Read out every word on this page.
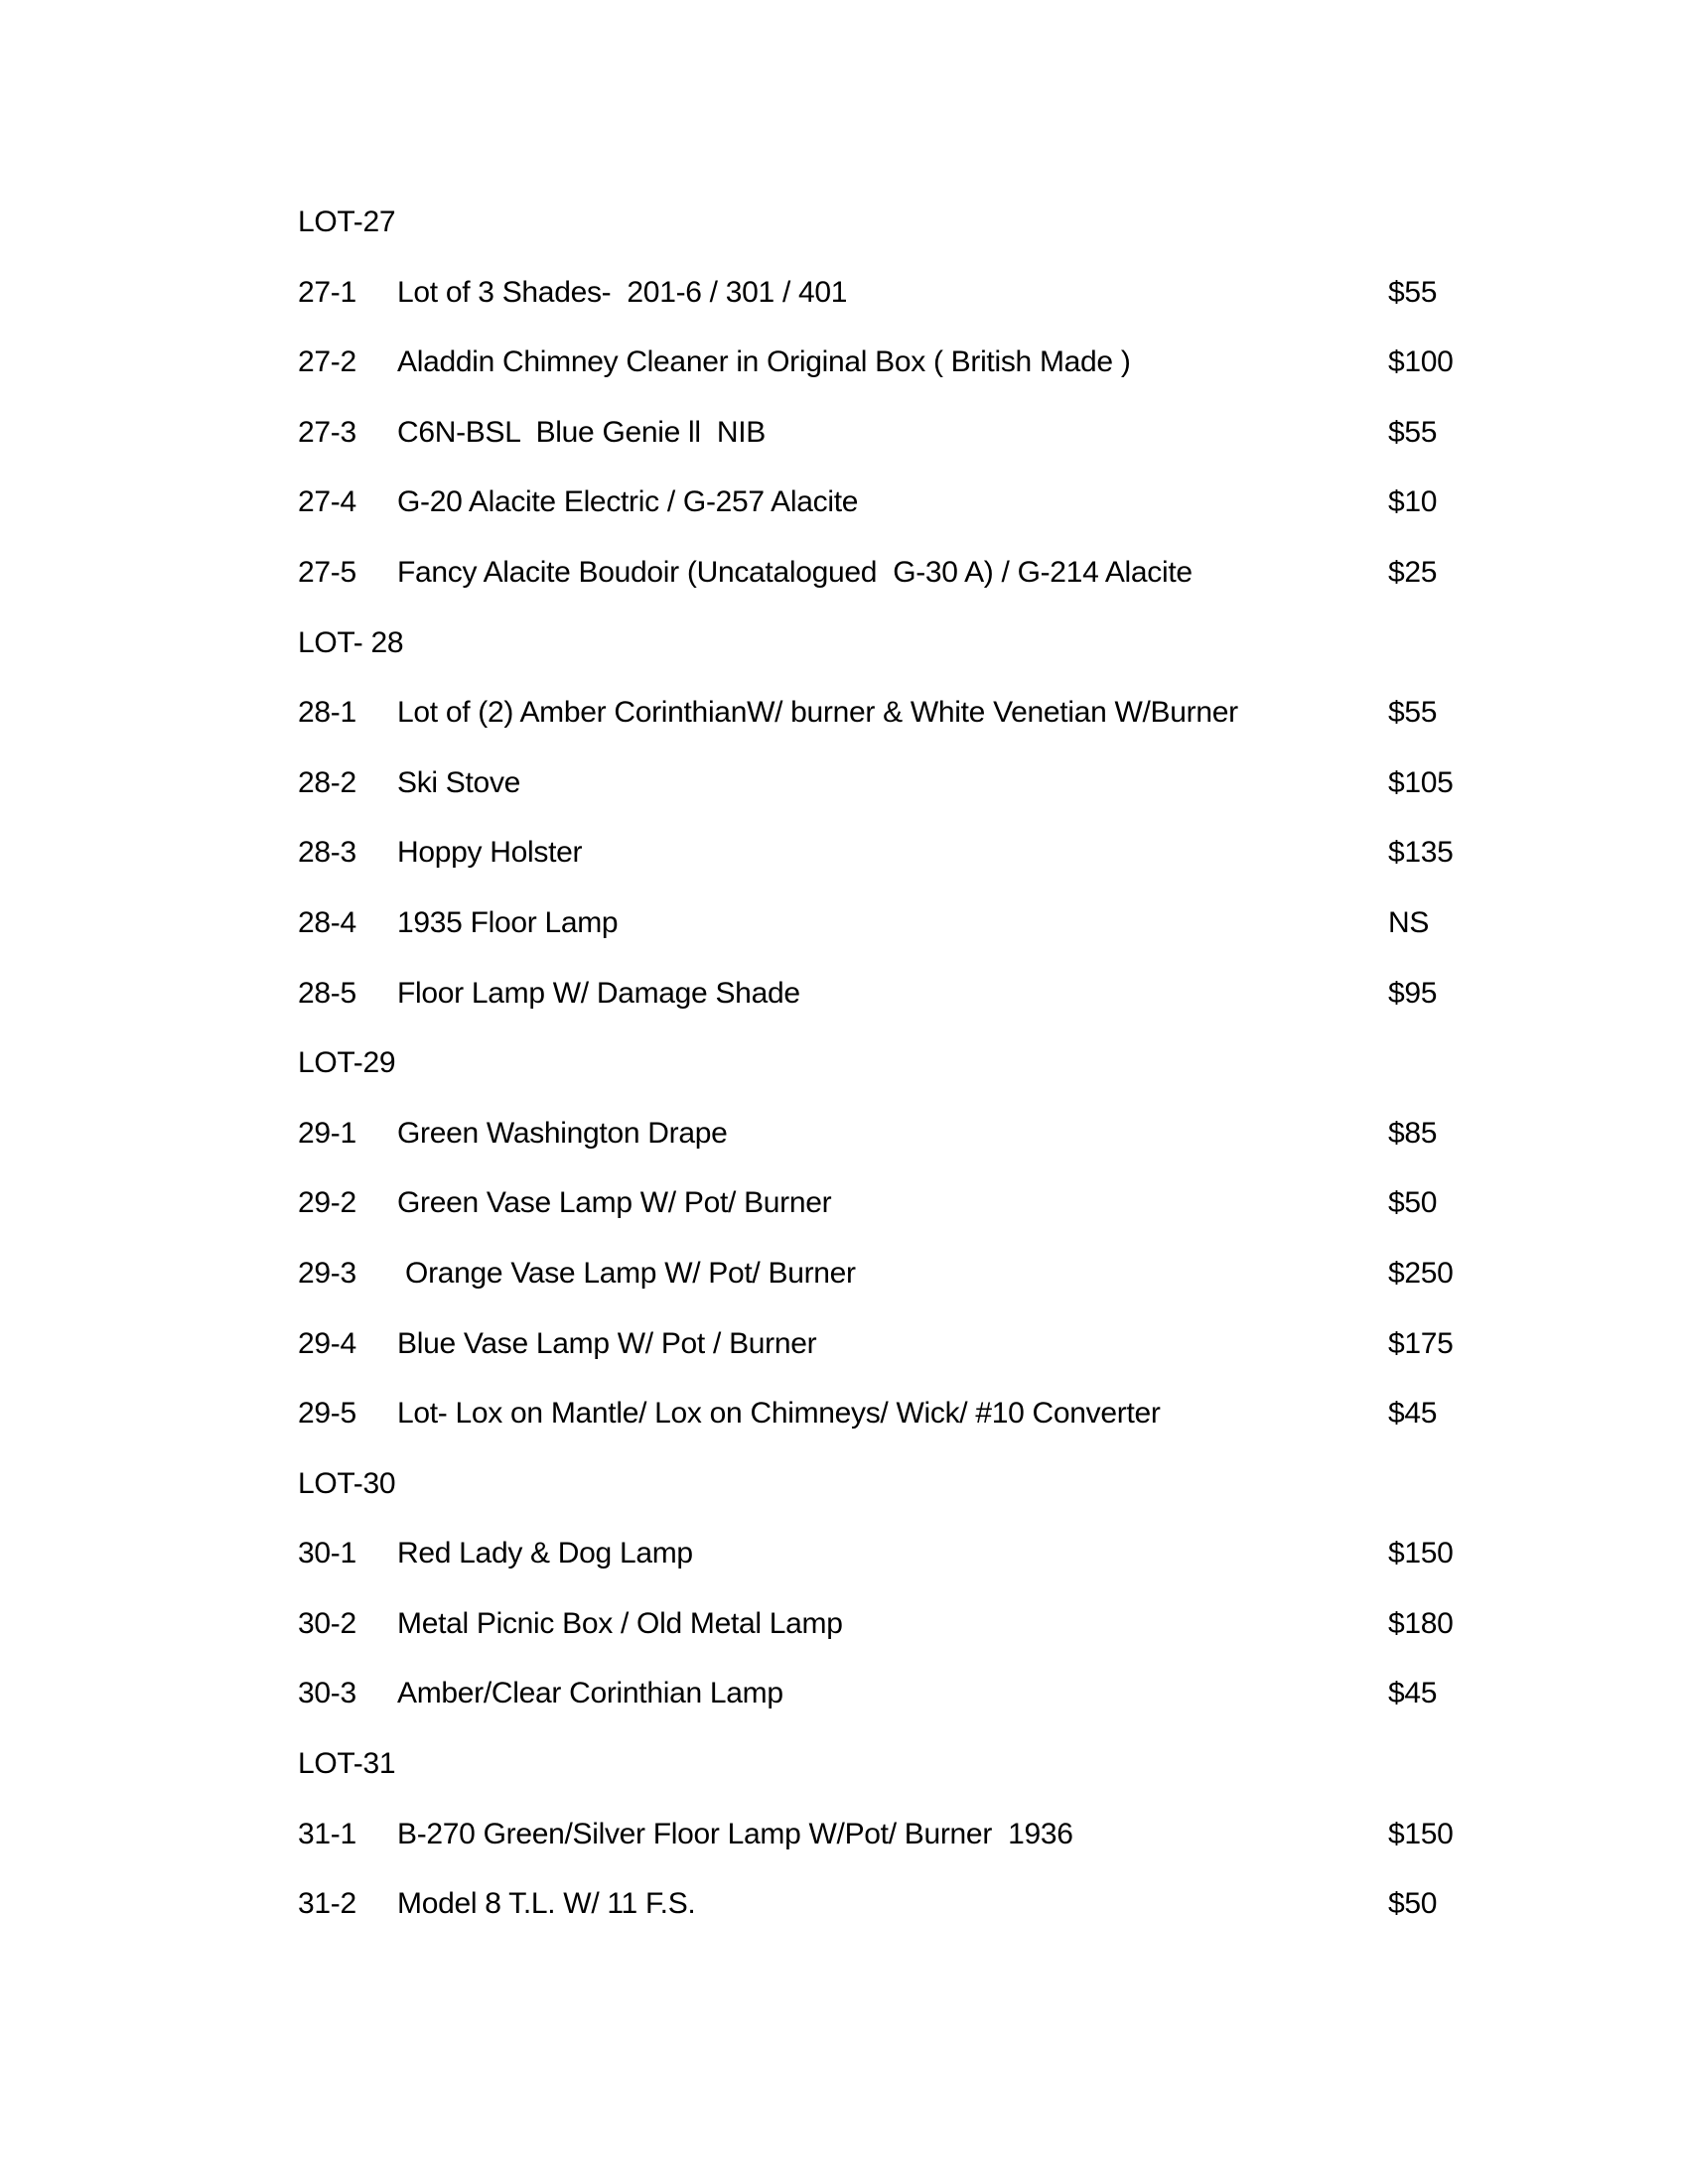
LOT-27
27-1 Lot of 3 Shades-  201-6 / 301 / 401	$55
27-2 Aladdin Chimney Cleaner in Original Box ( British Made )	$100
27-3 C6N-BSL  Blue Genie ll  NIB	$55
27-4 G-20 Alacite Electric / G-257 Alacite	$10
27-5 Fancy Alacite Boudoir (Uncatalogued  G-30 A) / G-214 Alacite	$25
LOT- 28
28-1 Lot of (2) Amber CorinthianW/ burner & White Venetian W/Burner	$55
28-2 Ski Stove	$105
28-3 Hoppy Holster	$135
28-4 1935 Floor Lamp	NS
28-5 Floor Lamp W/ Damage Shade	$95
LOT-29
29-1 Green Washington Drape	$85
29-2 Green Vase Lamp W/ Pot/ Burner	$50
29-3 Orange Vase Lamp W/ Pot/ Burner	$250
29-4 Blue Vase Lamp W/ Pot / Burner	$175
29-5 Lot- Lox on Mantle/ Lox on Chimneys/ Wick/ #10 Converter	$45
LOT-30
30-1 Red Lady & Dog Lamp	$150
30-2 Metal Picnic Box / Old Metal Lamp	$180
30-3 Amber/Clear Corinthian Lamp	$45
LOT-31
31-1 B-270 Green/Silver Floor Lamp W/Pot/ Burner  1936	$150
31-2 Model 8 T.L. W/ 11 F.S.	$50
